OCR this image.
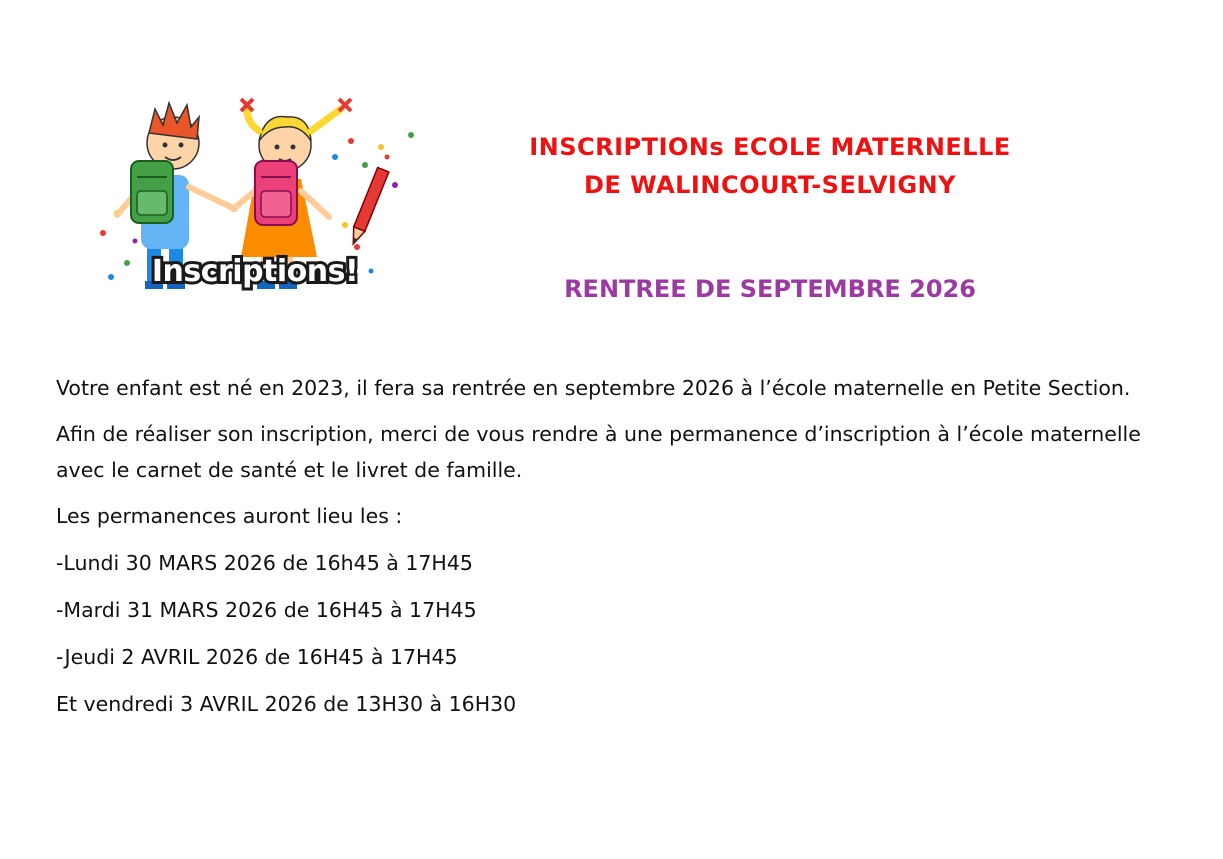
Inscriptions!
INSCRIPTIONs ECOLE MATERNELLE
DE WALINCOURT-SELVIGNY
RENTREE DE SEPTEMBRE 2026

Votre enfant est né en 2023, il fera sa rentrée en septembre 2026 à l’école maternelle en Petite Section.

Afin de réaliser son inscription, merci de vous rendre à une permanence d’inscription à l’école maternelle avec le carnet de santé et le livret de famille.

Les permanences auront lieu les :

-Lundi 30 MARS 2026 de 16h45 à 17H45

-Mardi 31 MARS 2026 de 16H45 à 17H45

-Jeudi 2 AVRIL 2026 de 16H45 à 17H45

Et vendredi 3 AVRIL 2026 de 13H30 à 16H30
